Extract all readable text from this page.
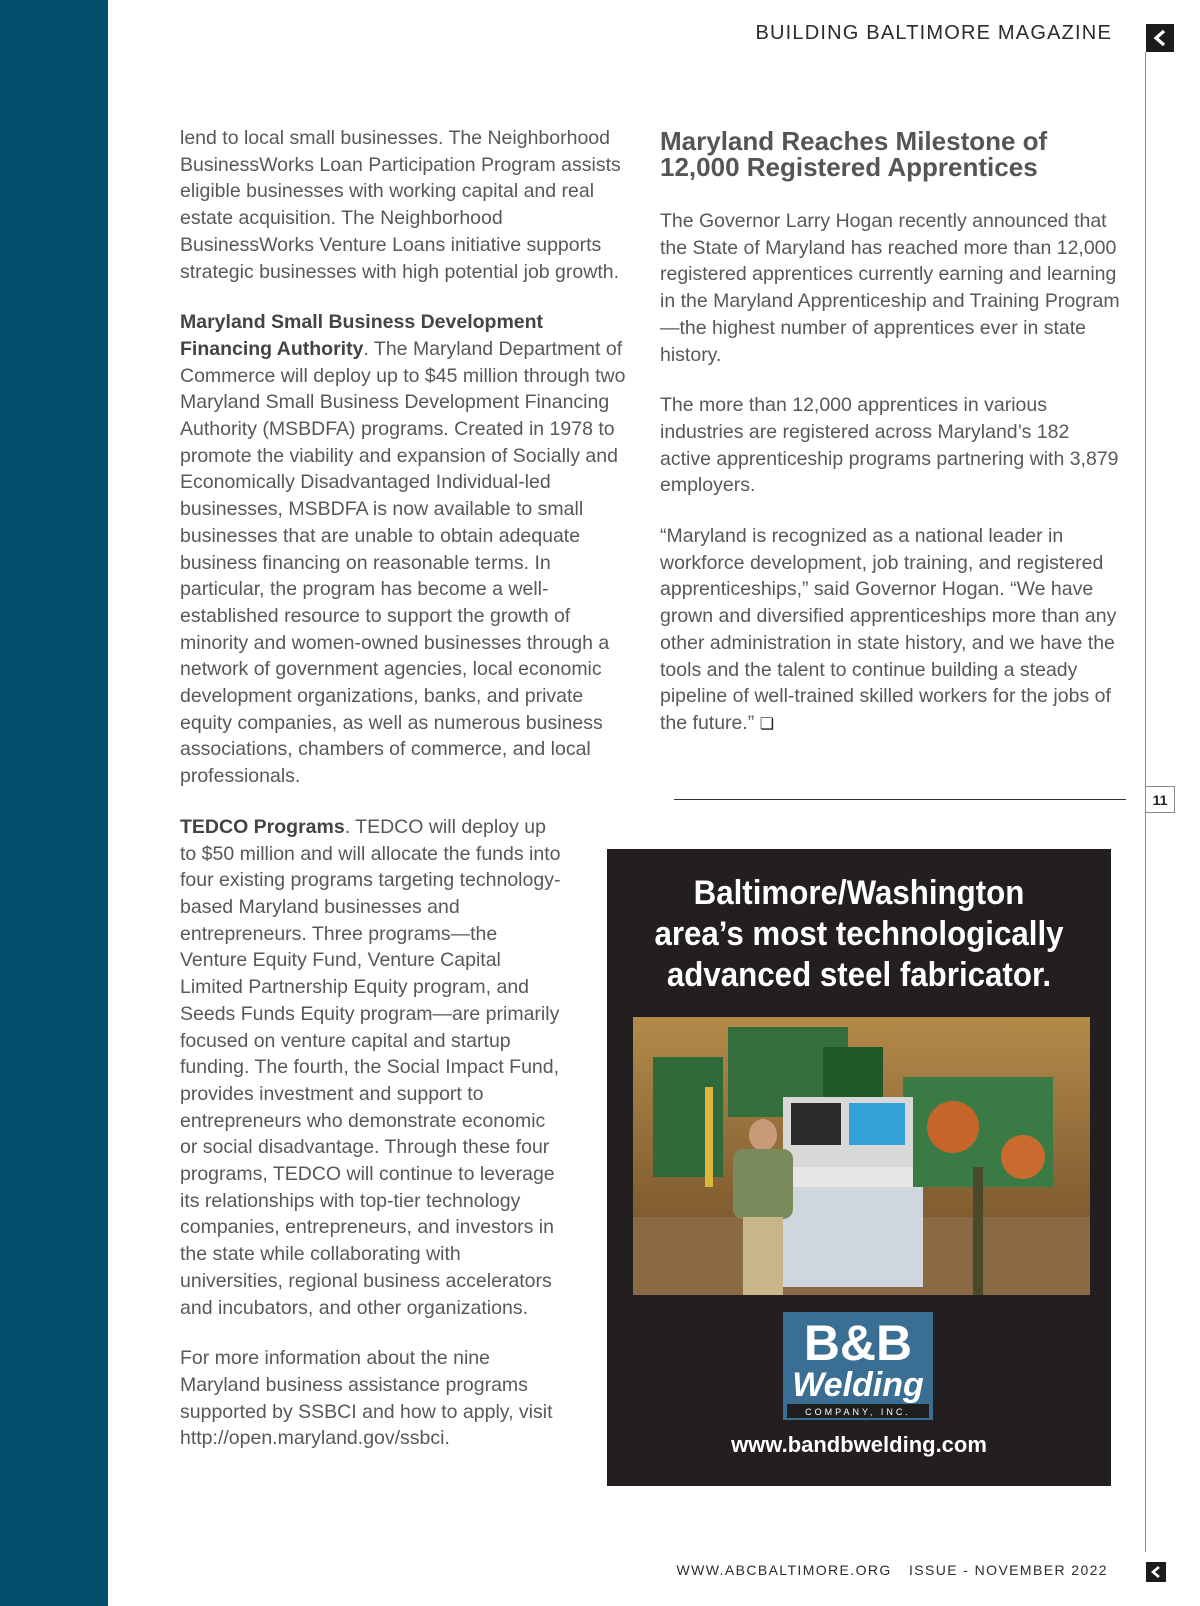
BUILDING BALTIMORE MAGAZINE

lend to local small businesses. The Neighborhood BusinessWorks Loan Participation Program assists eligible businesses with working capital and real estate acquisition. The Neighborhood BusinessWorks Venture Loans initiative supports strategic businesses with high potential job growth.

Maryland Small Business Development Financing Authority. The Maryland Department of Commerce will deploy up to $45 million through two Maryland Small Business Development Financing Authority (MSBDFA) programs. Created in 1978 to promote the viability and expansion of Socially and Economically Disadvantaged Individual-led businesses, MSBDFA is now available to small businesses that are unable to obtain adequate business financing on reasonable terms. In particular, the program has become a well-established resource to support the growth of minority and women-owned businesses through a network of government agencies, local economic development organizations, banks, and private equity companies, as well as numerous business associations, chambers of commerce, and local professionals.

TEDCO Programs. TEDCO will deploy up to $50 million and will allocate the funds into four existing programs targeting technology-based Maryland businesses and entrepreneurs. Three programs—the Venture Equity Fund, Venture Capital Limited Partnership Equity program, and Seeds Funds Equity program—are primarily focused on venture capital and startup funding. The fourth, the Social Impact Fund, provides investment and support to entrepreneurs who demonstrate economic or social disadvantage. Through these four programs, TEDCO will continue to leverage its relationships with top-tier technology companies, entrepreneurs, and investors in the state while collaborating with universities, regional business accelerators and incubators, and other organizations.

For more information about the nine Maryland business assistance programs supported by SSBCI and how to apply, visit http://open.maryland.gov/ssbci.

Maryland Reaches Milestone of 12,000 Registered Apprentices

The Governor Larry Hogan recently announced that the State of Maryland has reached more than 12,000 registered apprentices currently earning and learning in the Maryland Apprenticeship and Training Program—the highest number of apprentices ever in state history.

The more than 12,000 apprentices in various industries are registered across Maryland’s 182 active apprenticeship programs partnering with 3,879 employers.

“Maryland is recognized as a national leader in workforce development, job training, and registered apprenticeships,” said Governor Hogan. “We have grown and diversified apprenticeships more than any other administration in state history, and we have the tools and the talent to continue building a steady pipeline of well-trained skilled workers for the jobs of the future.” ❏

11
Baltimore/Washington
area’s most technologically
advanced steel fabricator.
B&B
Welding
COMPANY, INC.
www.bandbwelding.com
WWW.ABCBALTIMORE.ORG ISSUE - NOVEMBER 2022
